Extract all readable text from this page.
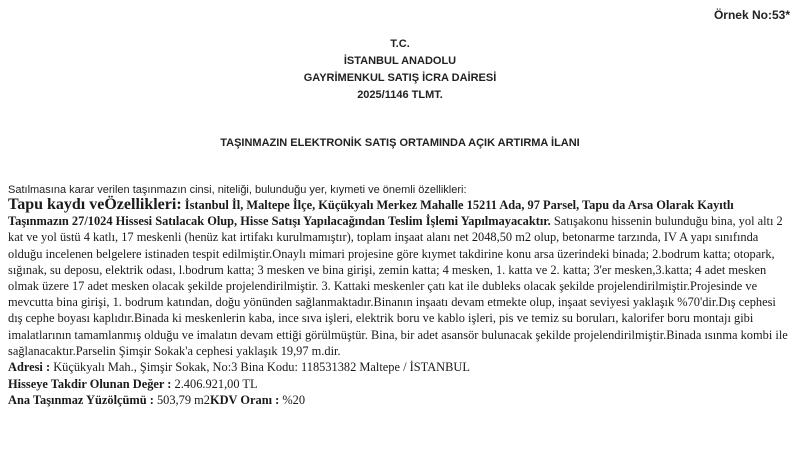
Örnek No:53*
T.C.
İSTANBUL ANADOLU
GAYRİMENKUL SATIŞ İCRA DAİRESİ
2025/1146 TLMT.
TAŞINMAZIN ELEKTRONİK SATIŞ ORTAMINDA AÇIK ARTIRMA İLANI

Satılmasına karar verilen taşınmazın cinsi, niteliği, bulunduğu yer, kıymeti ve önemli özellikleri:

Tapu kaydı veÖzellikleri: İstanbul İl, Maltepe İlçe, Küçükyalı Merkez Mahalle 15211 Ada, 97 Parsel, Tapu da Arsa Olarak Kayıtlı Taşınmazın 27/1024 Hissesi Satılacak Olup, Hisse Satışı Yapılacağından Teslim İşlemi Yapılmayacaktır. Satışakonu hissenin bulunduğu bina, yol altı 2 kat ve yol üstü 4 katlı, 17 meskenli (henüz kat irtifakı kurulmamıştır), toplam inşaat alanı net 2048,50 m2 olup, betonarme tarzında, IV A yapı sınıfında olduğu incelenen belgelere istinaden tespit edilmiştir.Onaylı mimari projesine göre kıymet takdirine konu arsa üzerindeki binada; 2.bodrum katta; otopark, sığınak, su deposu, elektrik odası, l.bodrum katta; 3 mesken ve bina girişi, zemin katta; 4 mesken, 1. katta ve 2. katta; 3'er mesken,3.katta; 4 adet mesken olmak üzere 17 adet mesken olacak şekilde projelendirilmiştir. 3. Kattaki meskenler çatı kat ile dubleks olacak şekilde projelendirilmiştir.Projesinde ve mevcutta bina girişi, 1. bodrum katından, doğu yönünden sağlanmaktadır.Binanın inşaatı devam etmekte olup, inşaat seviyesi yaklaşık %70'dir.Dış cephesi dış cephe boyası kaplıdır.Binada ki meskenlerin kaba, ince sıva işleri, elektrik boru ve kablo işleri, pis ve temiz su boruları, kalorifer boru montajı gibi imalatlarının tamamlanmış olduğu ve imalatın devam ettiği görülmüştür. Bina, bir adet asansör bulunacak şekilde projelendirilmiştir.Binada ısınma kombi ile sağlanacaktır.Parselin Şimşir Sokak'a cephesi yaklaşık 19,97 m.dir.

Adresi : Küçükyalı Mah., Şimşir Sokak, No:3 Bina Kodu: 118531382 Maltepe / İSTANBUL

Hisseye Takdir Olunan Değer : 2.406.921,00 TL

Ana Taşınmaz Yüzölçümü : 503,79 m2KDV Oranı : %20
